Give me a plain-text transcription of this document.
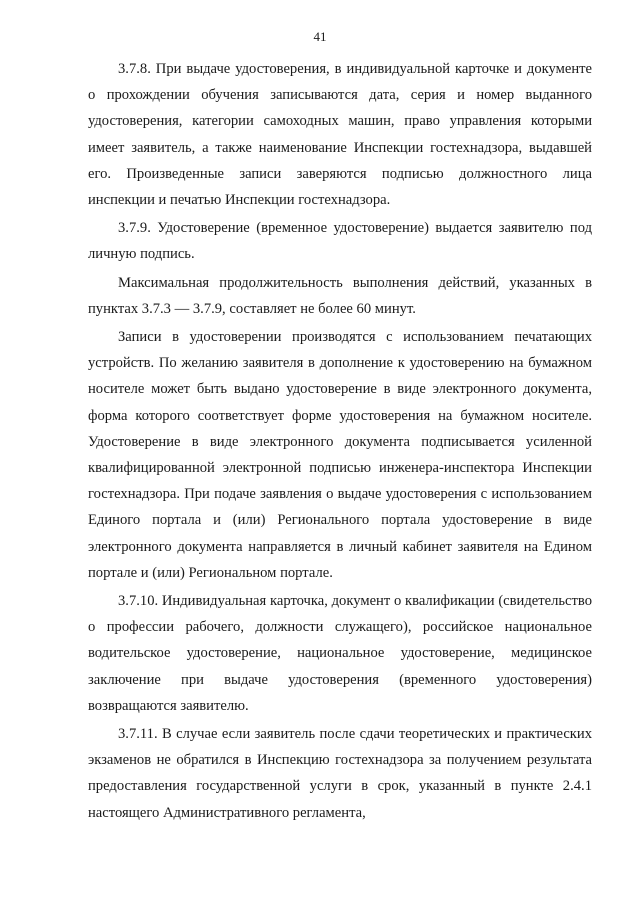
41

3.7.8. При выдаче удостоверения, в индивидуальной карточке и документе о прохождении обучения записываются дата, серия и номер выданного удостоверения, категории самоходных машин, право управления которыми имеет заявитель, а также наименование Инспекции гостехнадзора, выдавшей его. Произведенные записи заверяются подписью должностного лица инспекции и печатью Инспекции гостехнадзора.

3.7.9. Удостоверение (временное удостоверение) выдается заявителю под личную подпись.

Максимальная продолжительность выполнения действий, указанных в пунктах 3.7.3 — 3.7.9, составляет не более 60 минут.

Записи в удостоверении производятся с использованием печатающих устройств. По желанию заявителя в дополнение к удостоверению на бумажном носителе может быть выдано удостоверение в виде электронного документа, форма которого соответствует форме удостоверения на бумажном носителе. Удостоверение в виде электронного документа подписывается усиленной квалифицированной электронной подписью инженера-инспектора Инспекции гостехнадзора. При подаче заявления о выдаче удостоверения с использованием Единого портала и (или) Регионального портала удостоверение в виде электронного документа направляется в личный кабинет заявителя на Едином портале и (или) Региональном портале.

3.7.10. Индивидуальная карточка, документ о квалификации (свидетельство о профессии рабочего, должности служащего), российское национальное водительское удостоверение, национальное удостоверение, медицинское заключение при выдаче удостоверения (временного удостоверения) возвращаются заявителю.

3.7.11. В случае если заявитель после сдачи теоретических и практических экзаменов не обратился в Инспекцию гостехнадзора за получением результата предоставления государственной услуги в срок, указанный в пункте 2.4.1 настоящего Административного регламента,
